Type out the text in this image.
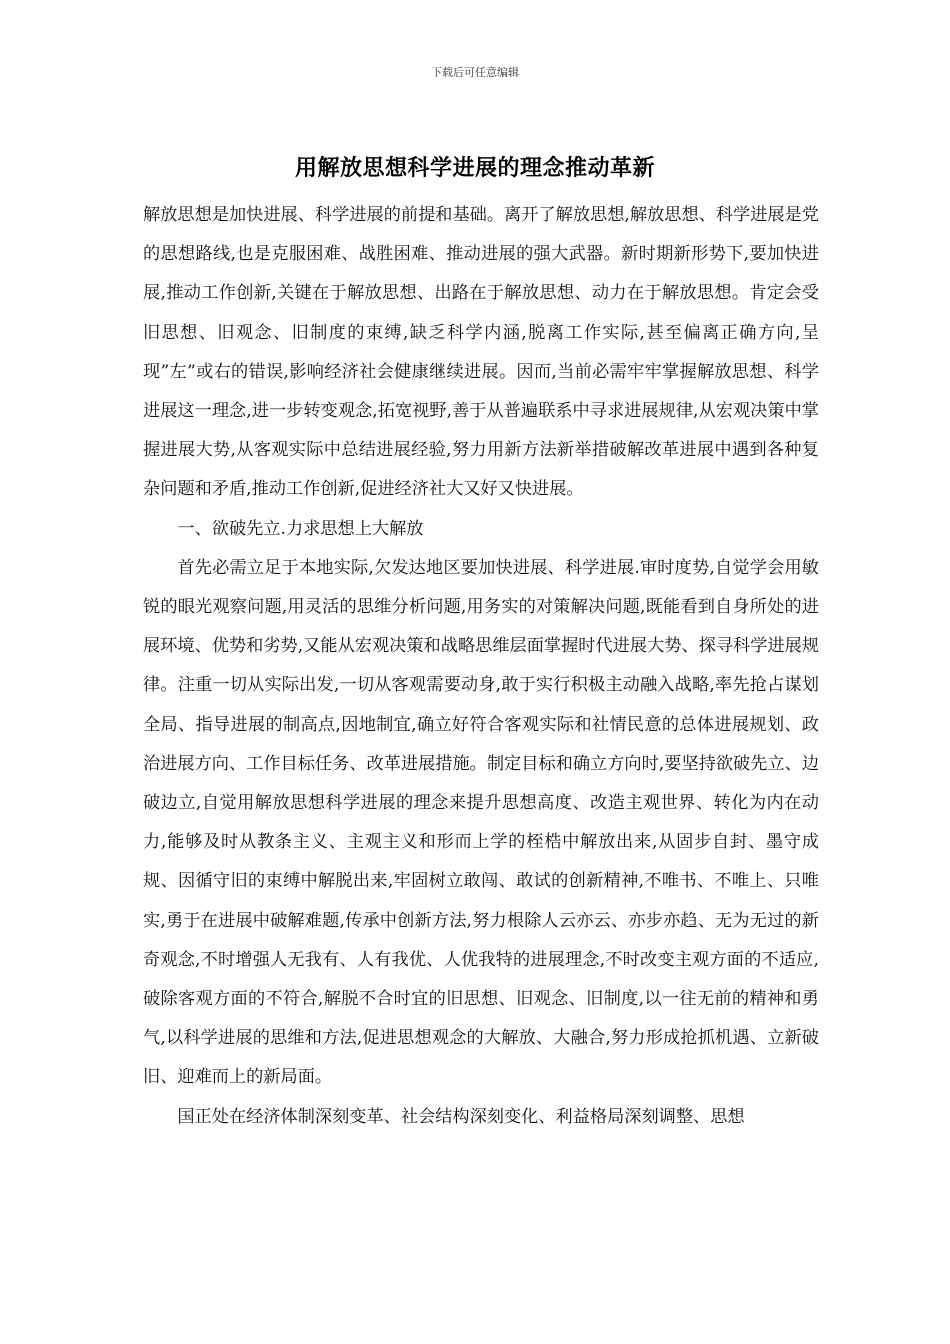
下载后可任意编辑
用解放思想科学进展的理念推动革新

解放思想是加快进展、科学进展的前提和基础。离开了解放思想,解放思想、科学进展是党的思想路线,也是克服困难、战胜困难、推动进展的强大武器。新时期新形势下,要加快进展,推动工作创新,关键在于解放思想、出路在于解放思想、动力在于解放思想。肯定会受旧思想、旧观念、旧制度的束缚,缺乏科学内涵,脱离工作实际,甚至偏离正确方向,呈现”左”或右的错误,影响经济社会健康继续进展。因而,当前必需牢牢掌握解放思想、科学进展这一理念,进一步转变观念,拓宽视野,善于从普遍联系中寻求进展规律,从宏观决策中掌握进展大势,从客观实际中总结进展经验,努力用新方法新举措破解改革进展中遇到各种复杂问题和矛盾,推动工作创新,促进经济社大又好又快进展。

一、欲破先立.力求思想上大解放

首先必需立足于本地实际,欠发达地区要加快进展、科学进展.审时度势,自觉学会用敏锐的眼光观察问题,用灵活的思维分析问题,用务实的对策解决问题,既能看到自身所处的进展环境、优势和劣势,又能从宏观决策和战略思维层面掌握时代进展大势、探寻科学进展规律。注重一切从实际出发,一切从客观需要动身,敢于实行积极主动融入战略,率先抢占谋划全局、指导进展的制高点,因地制宜,确立好符合客观实际和社情民意的总体进展规划、政治进展方向、工作目标任务、改革进展措施。制定目标和确立方向时,要坚持欲破先立、边破边立,自觉用解放思想科学进展的理念来提升思想高度、改造主观世界、转化为内在动力,能够及时从教条主义、主观主义和形而上学的桎梏中解放出来,从固步自封、墨守成规、因循守旧的束缚中解脱出来,牢固树立敢闯、敢试的创新精神,不唯书、不唯上、只唯实,勇于在进展中破解难题,传承中创新方法,努力根除人云亦云、亦步亦趋、无为无过的新奇观念,不时增强人无我有、人有我优、人优我特的进展理念,不时改变主观方面的不适应,破除客观方面的不符合,解脱不合时宜的旧思想、旧观念、旧制度,以一往无前的精神和勇气,以科学进展的思维和方法,促进思想观念的大解放、大融合,努力形成抢抓机遇、立新破旧、迎难而上的新局面。

国正处在经济体制深刻变革、社会结构深刻变化、利益格局深刻调整、思想
